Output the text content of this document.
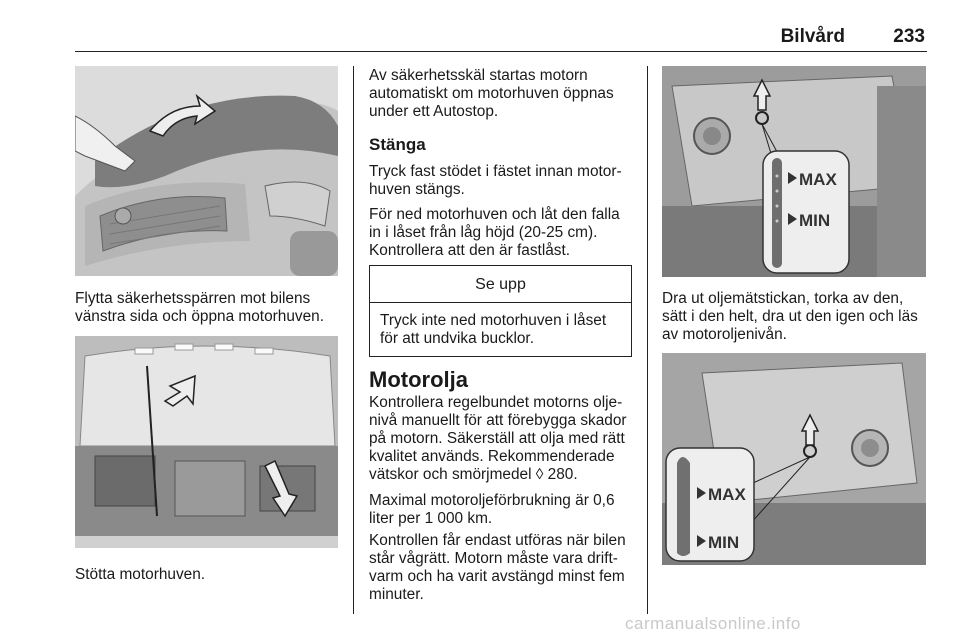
Bilvård	233

Flytta säkerhetsspärren mot bilens vänstra sida och öppna motorhuven.

Stötta motorhuven.

Av säkerhetsskäl startas motorn automatiskt om motorhuven öppnas under ett Autostop.

Stänga

Tryck fast stödet i fästet innan motorhuven stängs.

För ned motorhuven och låt den falla in i låset från låg höjd (20-25 cm). Kontrollera att den är fastlåst.

Se upp
Tryck inte ned motorhuven i låset för att undvika bucklor.
Motorolja

Kontrollera regelbundet motorns oljenivå manuellt för att förebygga skador på motorn. Säkerställ att olja med rätt kvalitet används. Rekommenderade vätskor och smörjmedel ◊ 280.

Maximal motoroljeförbrukning är 0,6 liter per 1 000 km.

Kontrollen får endast utföras när bilen står vågrätt. Motorn måste vara driftvarm och ha varit avstängd minst fem minuter.

MAX
MIN

Dra ut oljemätstickan, torka av den, sätt i den helt, dra ut den igen och läs av motoroljenivån.

MAX
MIN
carmanualsonline.info
